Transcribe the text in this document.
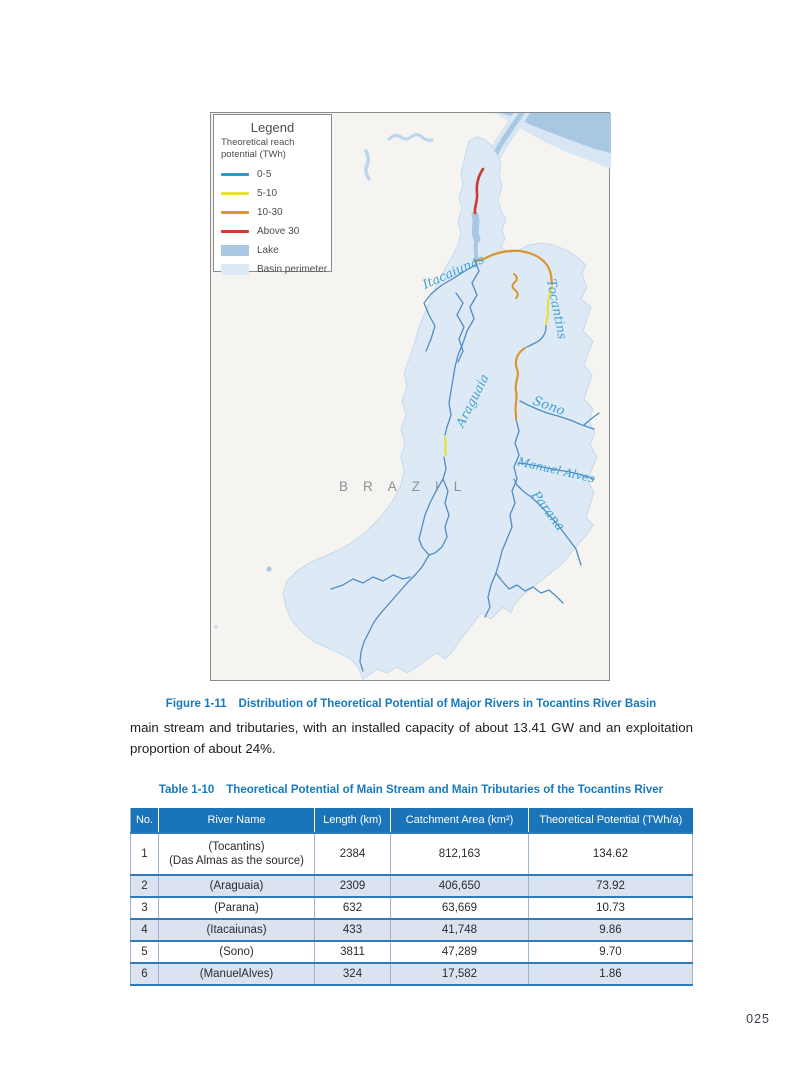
BRAZIL
Itacaiunas
Tocantins
Araguaia	Sono
Manuel Alves
Parana
Legend
Theoretical reach potential (TWh)
0-5
5-10
10-30
Above 30
Lake
Basin perimeter
Figure 1-11 Distribution of Theoretical Potential of Major Rivers in Tocantins River Basin
main stream and tributaries, with an installed capacity of about 13.41 GW and an exploitation proportion of about 24%.
Table 1-10 Theoretical Potential of Main Stream and Main Tributaries of the Tocantins River
No.	River Name	Length (km)	Catchment Area (km²)	Theoretical Potential (TWh/a)
1	(Tocantins)
(Das Almas as the source)	2384	812,163	134.62
2	(Araguaia)	2309	406,650	73.92
3	(Parana)	632	63,669	10.73
4	(Itacaiunas)	433	41,748	9.86
5	(Sono)	3811	47,289	9.70
6	(ManuelAlves)	324	17,582	1.86
025
